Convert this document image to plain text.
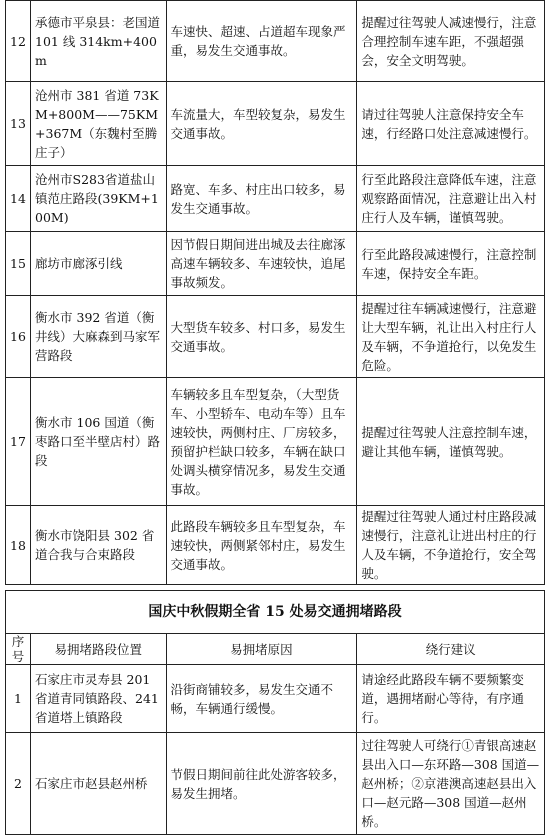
12	承德市平泉县：老国道 101 线 314km+400m	车速快、超速、占道超车现象严重，易发生交通事故。	提醒过往驾驶人减速慢行，注意合理控制车速车距，不强超强会，安全文明驾驶。
13	沧州市 381 省道 73KM+800M——75KM+367M（东魏村至腾庄子）	车流量大，车型较复杂，易发生交通事故。	请过往驾驶人注意保持安全车速，行经路口处注意减速慢行。
14	沧州市S283省道盐山镇范庄路段(39KM+100M)	路宽、车多、村庄出口较多，易发生交通事故。	行至此路段注意降低车速，注意观察路面情况，注意避让出入村庄行人及车辆，谨慎驾驶。
15	廊坊市廊涿引线	因节假日期间进出城及去往廊涿高速车辆较多、车速较快，追尾事故频发。	行至此路段减速慢行，注意控制车速，保持安全车距。
16	衡水市 392 省道（衡井线）大麻森到马家军营路段	大型货车较多、村口多，易发生交通事故。	提醒过往车辆减速慢行，注意避让大型车辆，礼让出入村庄行人及车辆，不争道抢行，以免发生危险。
17	衡水市 106 国道（衡枣路口至半壁店村）路段	车辆较多且车型复杂，（大型货车、小型轿车、电动车等）且车速较快，两侧村庄、厂房较多，预留护栏缺口较多，车辆在缺口处调头横穿情况多，易发生交通事故。	提醒过往驾驶人注意控制车速，避让其他车辆，谨慎驾驶。
18	衡水市饶阳县 302 省道合我与合束路段	此路段车辆较多且车型复杂，车速较快，两侧紧邻村庄，易发生交通事故。	提醒过往驾驶人通过村庄路段减速慢行，注意礼让进出村庄的行人及车辆，不争道抢行，安全驾驶。
国庆中秋假期全省 15 处易交通拥堵路段			
序号	易拥堵路段位置	易拥堵原因	绕行建议
1	石家庄市灵寿县 201 省道青同镇路段、241 省道塔上镇路段	沿街商铺较多，易发生交通不畅，车辆通行缓慢。	请途经此路段车辆不要频繁变道，遇拥堵耐心等待，有序通行。
2	石家庄市赵县赵州桥	节假日期间前往此处游客较多，易发生拥堵。	过往驾驶人可绕行①青银高速赵县出入口—东环路—308 国道—赵州桥；②京港澳高速赵县出入口—赵元路—308 国道—赵州桥。
